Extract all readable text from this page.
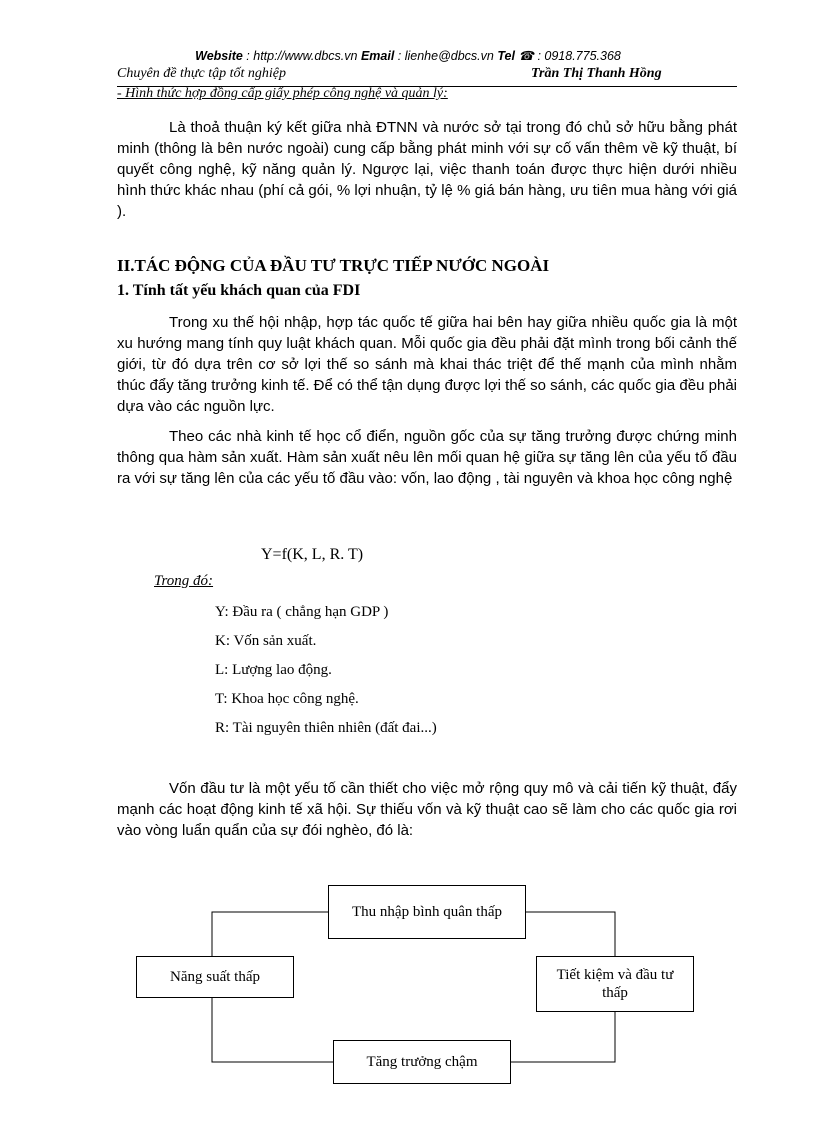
Website : http://www.dbcs.vn Email : lienhe@dbcs.vn Tel ☎ : 0918.775.368
Chuyên đề thực tập tốt nghiệp	Trần Thị Thanh Hồng
- Hình thức hợp đồng cấp giấy phép công nghệ và quản lý:
Là thoả thuận ký kết giữa nhà ĐTNN và nước sở tại trong đó chủ sở hữu bằng phát minh (thông là bên nước ngoài) cung cấp bằng phát minh với sự cố vấn thêm về kỹ thuật, bí quyết công nghệ, kỹ năng quản lý. Ngược lại, việc thanh toán được thực hiện dưới nhiều hình thức khác nhau (phí cả gói, % lợi nhuận, tỷ lệ % giá bán hàng, ưu tiên mua hàng với giá ).
II.TÁC ĐỘNG CỦA ĐẦU TƯ TRỰC TIẾP NƯỚC NGOÀI
1. Tính tất yếu khách quan của FDI
Trong xu thế hội nhập, hợp tác quốc tế giữa hai bên hay giữa nhiều quốc gia là một xu hướng mang tính quy luật khách quan. Mỗi quốc gia đều phải đặt mình trong bối cảnh thế giới, từ đó dựa trên cơ sở lợi thế so sánh mà khai thác triệt để thế mạnh của mình nhằm thúc đẩy tăng trưởng kinh tế. Để có thể tận dụng được lợi thế so sánh, các quốc gia đều phải dựa vào các nguồn lực.
Theo các nhà kinh tế học cổ điển, nguồn gốc của sự tăng trưởng được chứng minh thông qua hàm sản xuất. Hàm sản xuất nêu lên mối quan hệ giữa sự tăng lên của yếu tố đầu ra với sự tăng lên của các yếu tố đầu vào: vốn, lao động , tài nguyên và khoa học công nghệ
Y=f(K, L, R. T)
Trong đó:
Y: Đầu ra ( chẳng hạn GDP )
K: Vốn sản xuất.
L: Lượng lao động.
T: Khoa học công nghệ.
R: Tài nguyên thiên nhiên (đất đai...)
Vốn đầu tư là một yếu tố cần thiết cho việc mở rộng quy mô và cải tiến kỹ thuật, đẩy mạnh các hoạt động kinh tế xã hội. Sự thiếu vốn và kỹ thuật cao sẽ làm cho các quốc gia rơi vào vòng luẩn quẩn của sự đói nghèo, đó là:
Thu nhập bình quân thấp
Năng suất thấp	Tiết kiệm và đầu tư thấp
Tăng trưởng chậm
